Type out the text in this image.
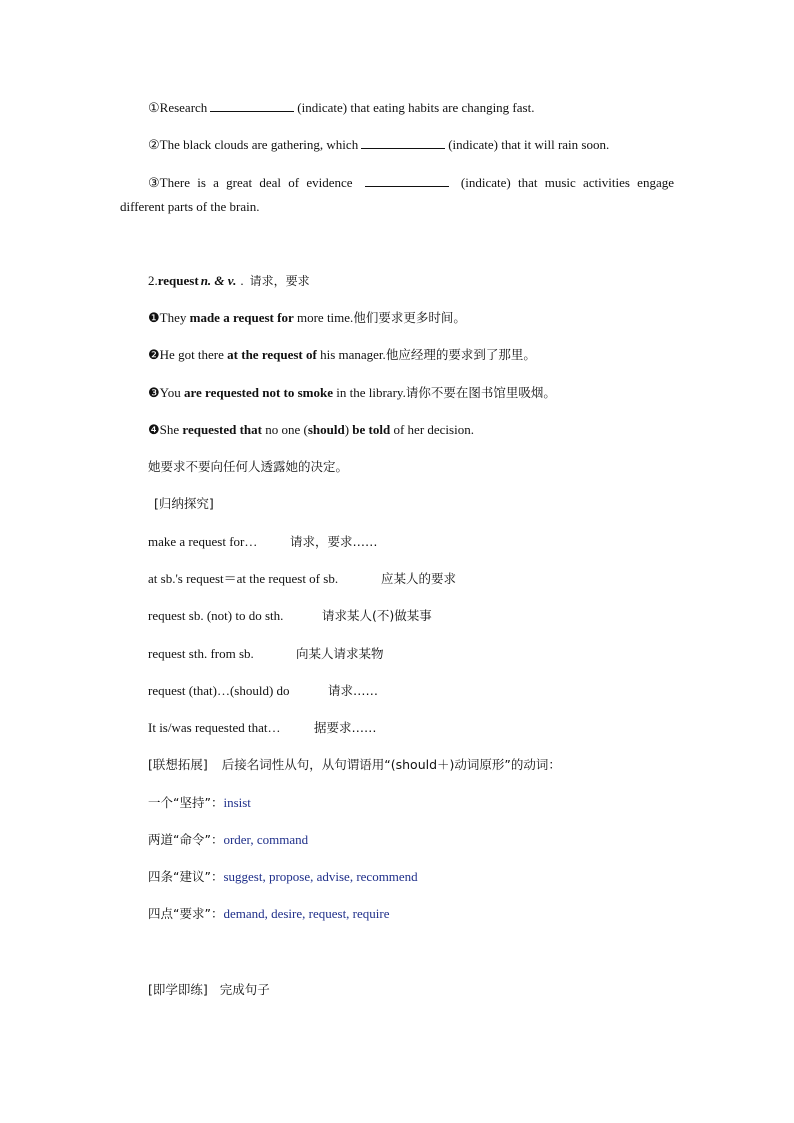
①Research	(indicate) that eating habits are changing fast.
②The black clouds are gathering, which	(indicate) that it will rain soon.
③There is a great deal of evidence	(indicate) that music activities engage
different parts of the brain.
2.request n. & v. . 请求，要求
❶They made a request for more time.他们要求更多时间。
❷He got there at the request of his manager.他应经理的要求到了那里。
❸You are requested not to smoke in the library.请你不要在图书馆里吸烟。
❹She requested that no one (should) be told of her decision.
她要求不要向任何人透露她的决定。
[归纳探究]
make a request for…	请求，要求……
at sb.'s request＝at the request of sb.	应某人的要求
request sb. (not) to do sth.	请求某人(不)做某事
request sth. from sb.	向某人请求某物
request (that)…(should) do	请求……
It is/was requested that…	据要求……
[联想拓展] 后接名词性从句，从句谓语用“(should＋)动词原形”的动词：
一个“坚持”：insist
两道“命令”：order, command
四条“建议”：suggest, propose, advise, recommend
四点“要求”：demand, desire, request, require
[即学即练] 完成句子
